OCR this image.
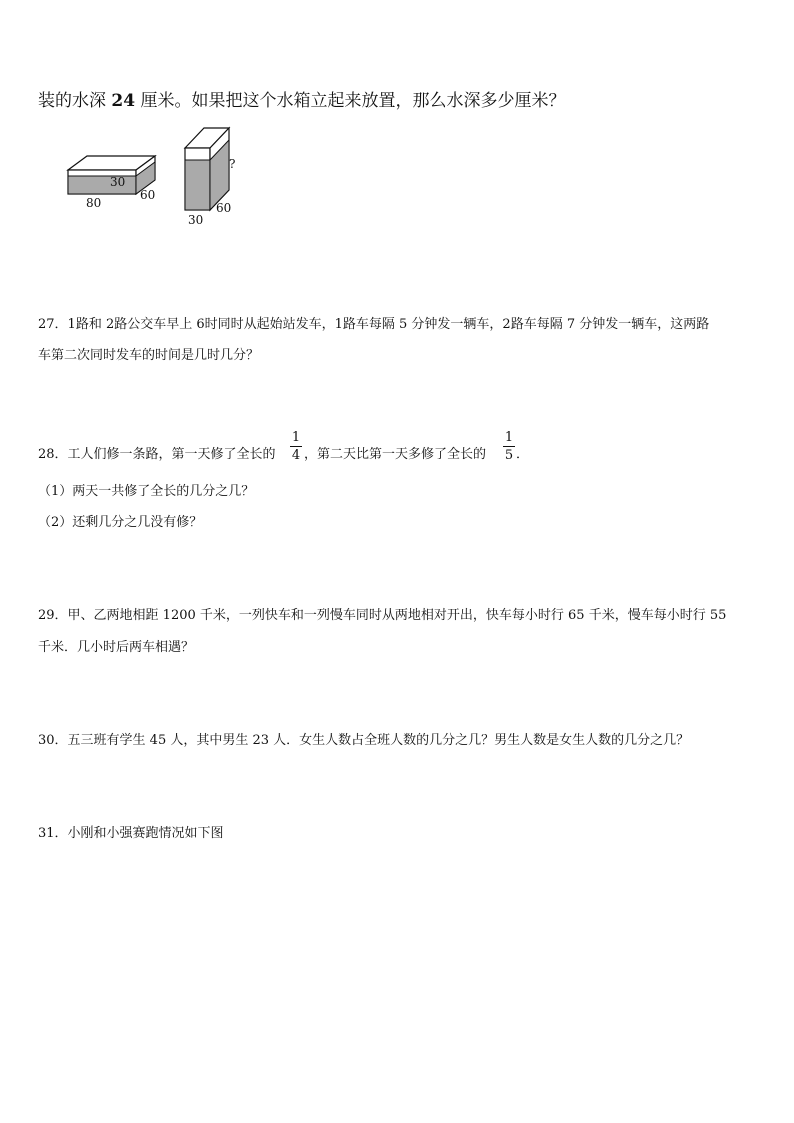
装的水深 24 厘米。如果把这个水箱立起来放置，那么水深多少厘米？
30
60
80
?
60
30
27．1路和 2路公交车早上 6时同时从起始站发车，1路车每隔 5 分钟发一辆车，2路车每隔 7 分钟发一辆车，这两路
车第二次同时发车的时间是几时几分？
28．工人们修一条路，第一天修了全长的
1
4 ，第二天比第一天多修了全长的
1
5 ．
（1）两天一共修了全长的几分之几？
（2）还剩几分之几没有修？
29．甲、乙两地相距 1200 千米，一列快车和一列慢车同时从两地相对开出，快车每小时行 65 千米，慢车每小时行 55
千米．几小时后两车相遇？
30．五三班有学生 45 人，其中男生 23 人．女生人数占全班人数的几分之几？男生人数是女生人数的几分之几？
31．小刚和小强赛跑情况如下图
